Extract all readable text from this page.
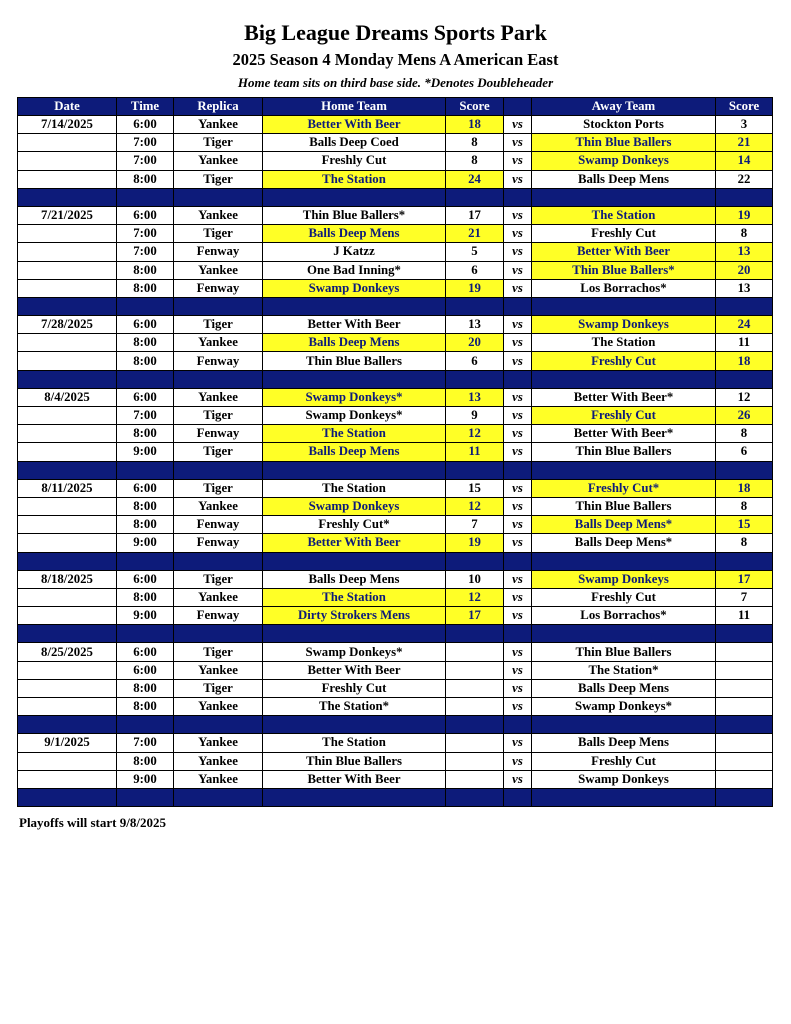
Big League Dreams Sports Park
2025 Season 4 Monday Mens A American East
Home team sits on third base side. *Denotes Doubleheader
Date	Time	Replica	Home Team	Score		Away Team	Score
7/14/2025	6:00	Yankee	Better With Beer	18	vs	Stockton Ports	3
	7:00	Tiger	Balls Deep Coed	8	vs	Thin Blue Ballers	21
	7:00	Yankee	Freshly Cut	8	vs	Swamp Donkeys	14
	8:00	Tiger	The Station	24	vs	Balls Deep Mens	22

7/21/2025	6:00	Yankee	Thin Blue Ballers*	17	vs	The Station	19
	7:00	Tiger	Balls Deep Mens	21	vs	Freshly Cut	8
	7:00	Fenway	J Katzz	5	vs	Better With Beer	13
	8:00	Yankee	One Bad Inning*	6	vs	Thin Blue Ballers*	20
	8:00	Fenway	Swamp Donkeys	19	vs	Los Borrachos*	13

7/28/2025	6:00	Tiger	Better With Beer	13	vs	Swamp Donkeys	24
	8:00	Yankee	Balls Deep Mens	20	vs	The Station	11
	8:00	Fenway	Thin Blue Ballers	6	vs	Freshly Cut	18

8/4/2025	6:00	Yankee	Swamp Donkeys*	13	vs	Better With Beer*	12
	7:00	Tiger	Swamp Donkeys*	9	vs	Freshly Cut	26
	8:00	Fenway	The Station	12	vs	Better With Beer*	8
	9:00	Tiger	Balls Deep Mens	11	vs	Thin Blue Ballers	6

8/11/2025	6:00	Tiger	The Station	15	vs	Freshly Cut*	18
	8:00	Yankee	Swamp Donkeys	12	vs	Thin Blue Ballers	8
	8:00	Fenway	Freshly Cut*	7	vs	Balls Deep Mens*	15
	9:00	Fenway	Better With Beer	19	vs	Balls Deep Mens*	8

8/18/2025	6:00	Tiger	Balls Deep Mens	10	vs	Swamp Donkeys	17
	8:00	Yankee	The Station	12	vs	Freshly Cut	7
	9:00	Fenway	Dirty Strokers Mens	17	vs	Los Borrachos*	11

8/25/2025	6:00	Tiger	Swamp Donkeys*		vs	Thin Blue Ballers	
	6:00	Yankee	Better With Beer		vs	The Station*	
	8:00	Tiger	Freshly Cut		vs	Balls Deep Mens	
	8:00	Yankee	The Station*		vs	Swamp Donkeys*	

9/1/2025	7:00	Yankee	The Station		vs	Balls Deep Mens	
	8:00	Yankee	Thin Blue Ballers		vs	Freshly Cut	
	9:00	Yankee	Better With Beer		vs	Swamp Donkeys	

Playoffs will start 9/8/2025
